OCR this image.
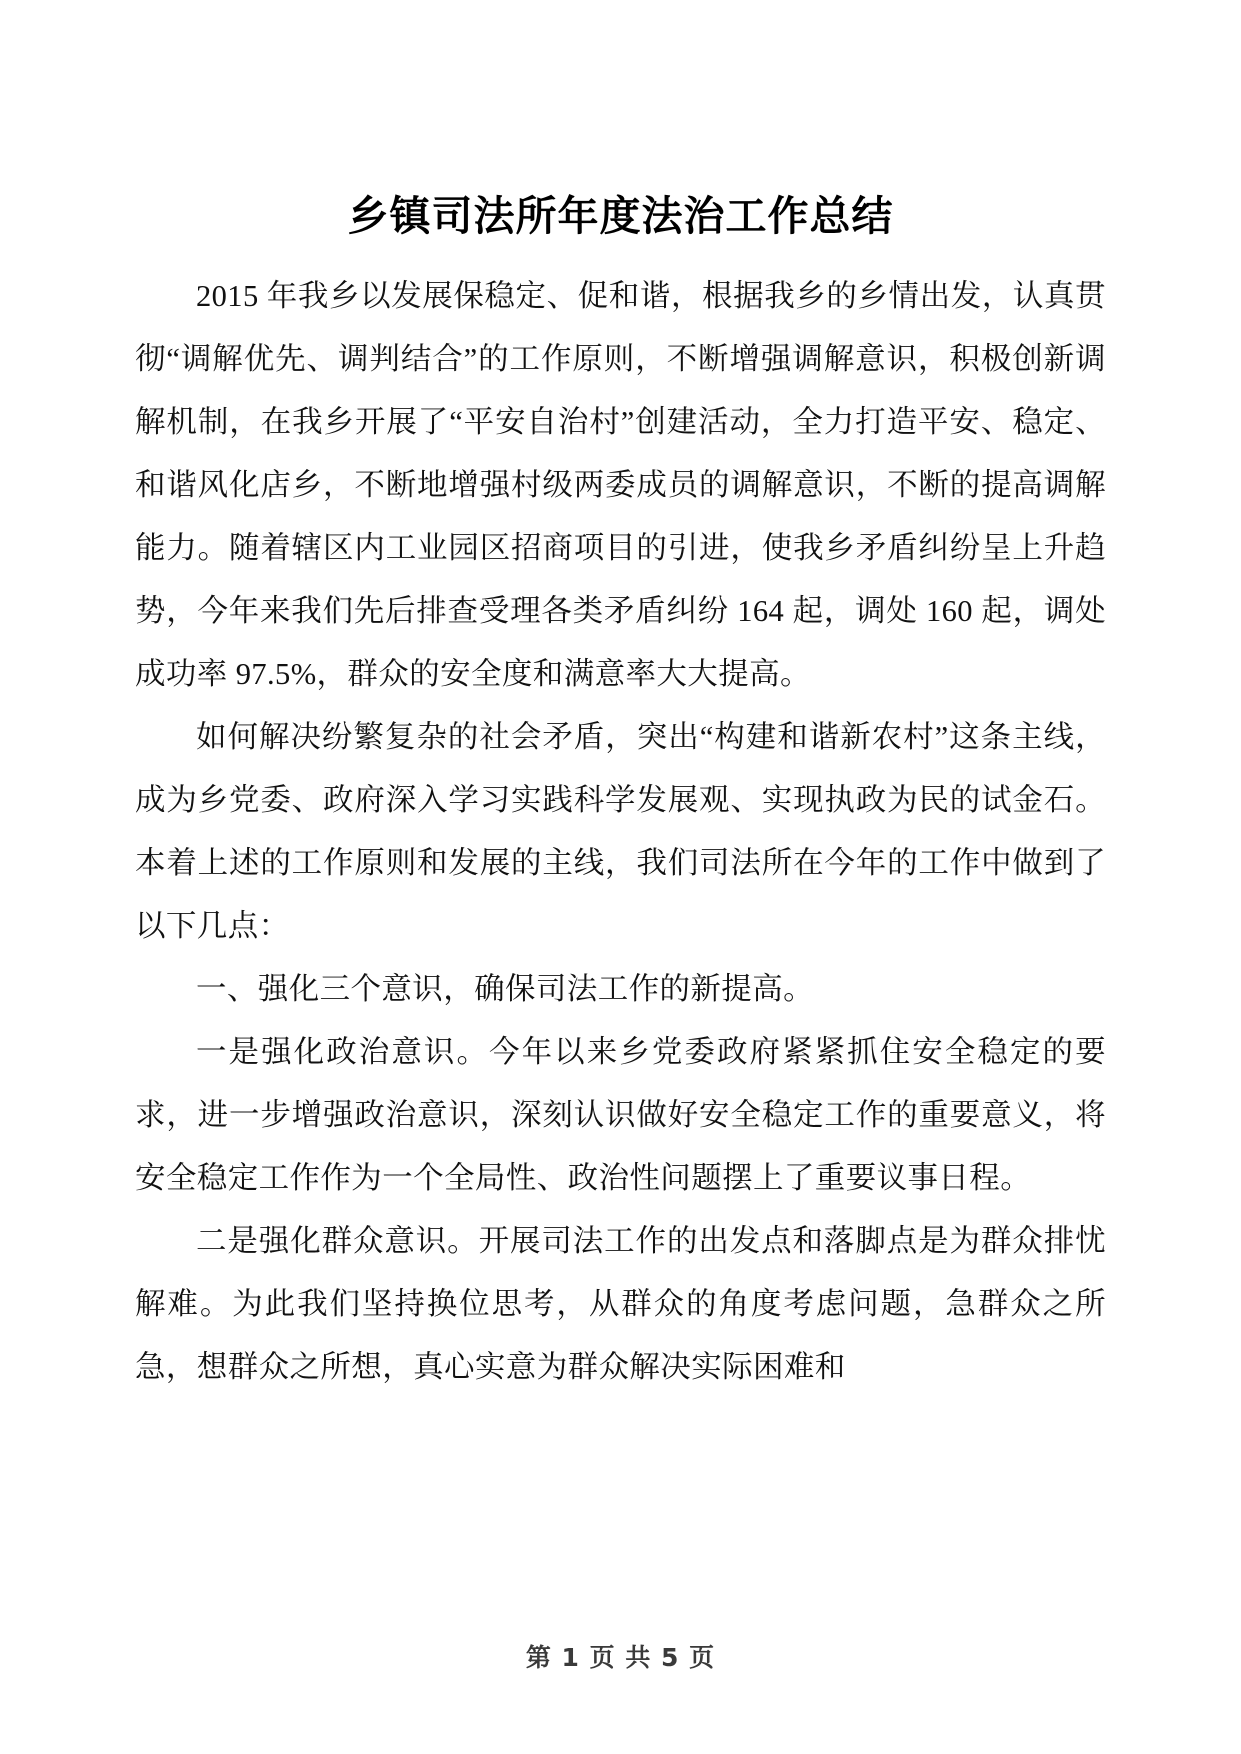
乡镇司法所年度法治工作总结

2015 年我乡以发展保稳定、促和谐，根据我乡的乡情出发，认真贯彻“调解优先、调判结合”的工作原则，不断增强调解意识，积极创新调解机制，在我乡开展了“平安自治村”创建活动，全力打造平安、稳定、和谐风化店乡，不断地增强村级两委成员的调解意识，不断的提高调解能力。随着辖区内工业园区招商项目的引进，使我乡矛盾纠纷呈上升趋势，今年来我们先后排查受理各类矛盾纠纷 164 起，调处 160 起，调处成功率 97.5%，群众的安全度和满意率大大提高。

如何解决纷繁复杂的社会矛盾，突出“构建和谐新农村”这条主线，成为乡党委、政府深入学习实践科学发展观、实现执政为民的试金石。本着上述的工作原则和发展的主线，我们司法所在今年的工作中做到了以下几点：

一、强化三个意识，确保司法工作的新提高。

一是强化政治意识。今年以来乡党委政府紧紧抓住安全稳定的要求，进一步增强政治意识，深刻认识做好安全稳定工作的重要意义，将安全稳定工作作为一个全局性、政治性问题摆上了重要议事日程。

二是强化群众意识。开展司法工作的出发点和落脚点是为群众排忧解难。为此我们坚持换位思考，从群众的角度考虑问题，急群众之所急，想群众之所想，真心实意为群众解决实际困难和

第 1 页 共 5 页
